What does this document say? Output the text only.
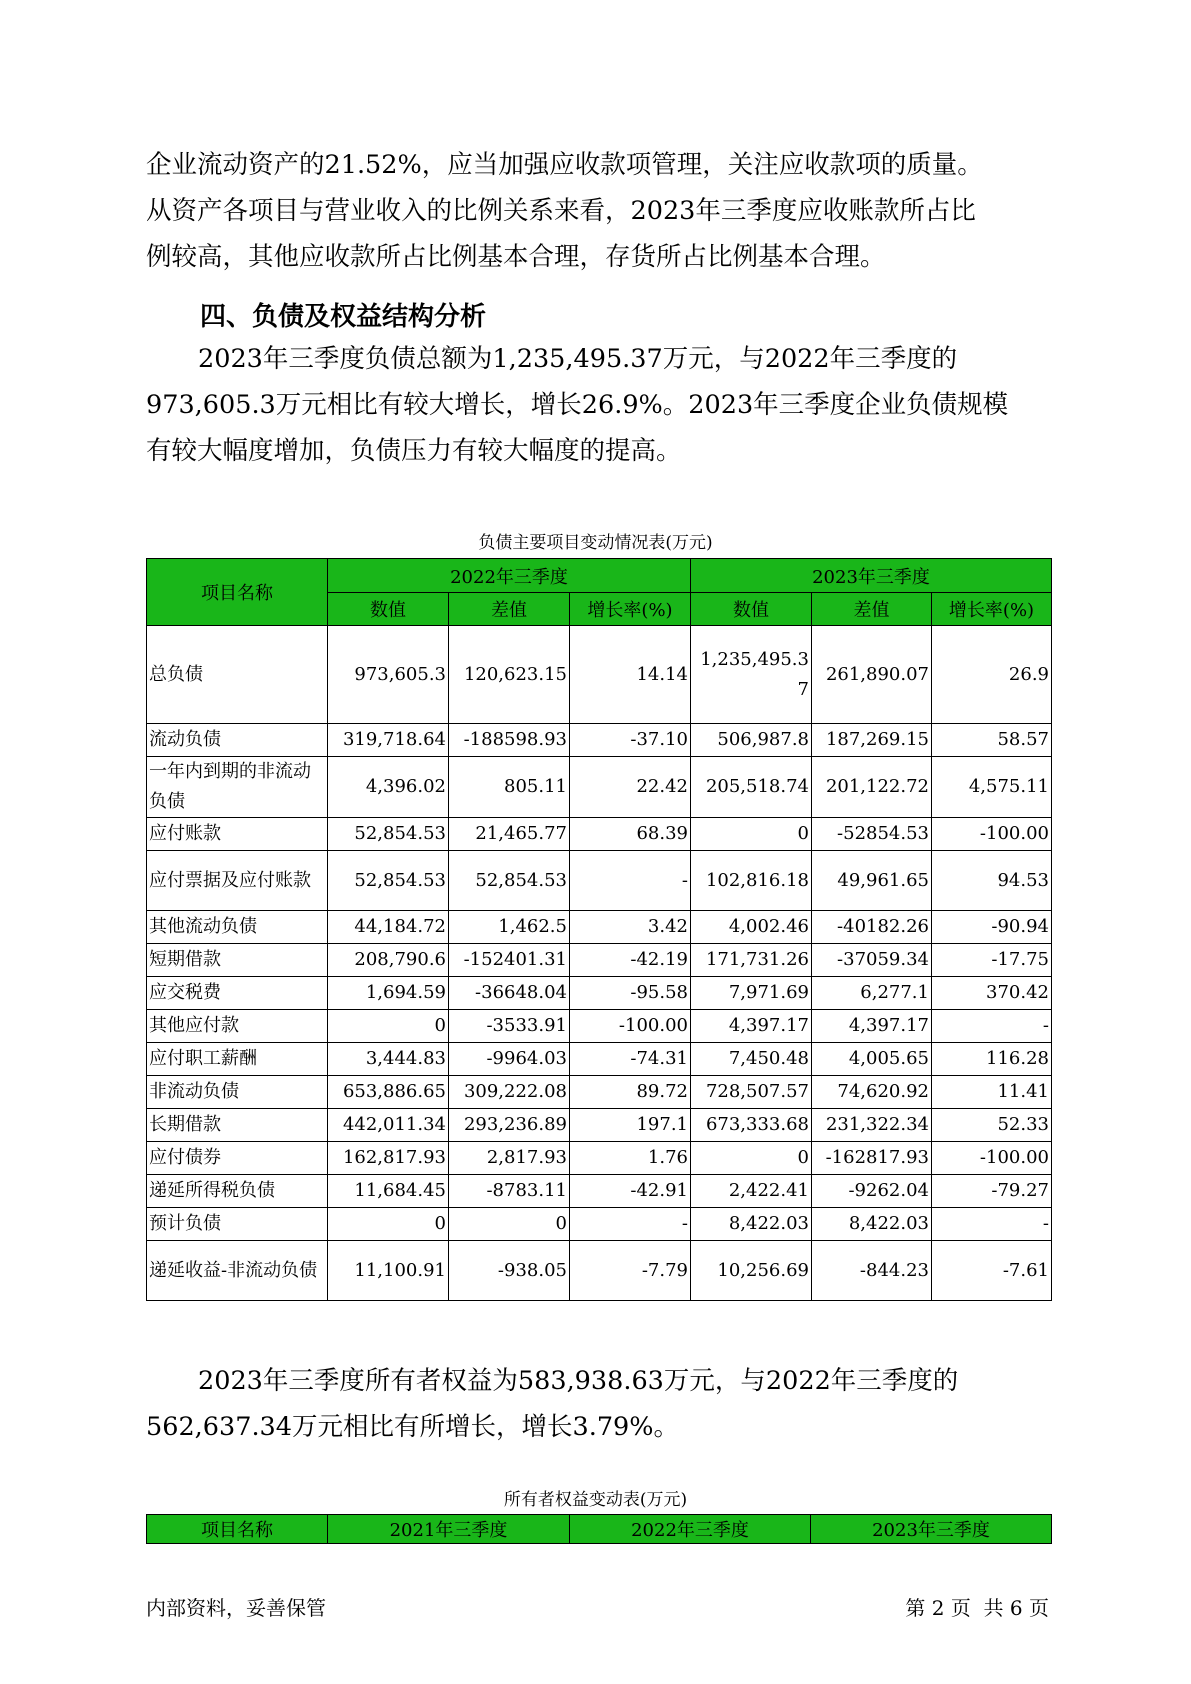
企业流动资产的21.52%，应当加强应收款项管理，关注应收款项的质量。
从资产各项目与营业收入的比例关系来看，2023年三季度应收账款所占比
例较高，其他应收款所占比例基本合理，存货所占比例基本合理。
四、负债及权益结构分析
2023年三季度负债总额为1,235,495.37万元，与2022年三季度的
973,605.3万元相比有较大增长，增长26.9%。2023年三季度企业负债规模
有较大幅度增加，负债压力有较大幅度的提高。
负债主要项目变动情况表(万元)
项目名称	2022年三季度			2023年三季度		
	数值	差值	增长率(%)	数值	差值	增长率(%)
总负债	973,605.3	120,623.15	14.14	1,235,495.37	261,890.07	26.9
流动负债	319,718.64	-188598.93	-37.10	506,987.8	187,269.15	58.57
一年内到期的非流动负债	4,396.02	805.11	22.42	205,518.74	201,122.72	4,575.11
应付账款	52,854.53	21,465.77	68.39	0	-52854.53	-100.00
应付票据及应付账款	52,854.53	52,854.53	-	102,816.18	49,961.65	94.53
其他流动负债	44,184.72	1,462.5	3.42	4,002.46	-40182.26	-90.94
短期借款	208,790.6	-152401.31	-42.19	171,731.26	-37059.34	-17.75
应交税费	1,694.59	-36648.04	-95.58	7,971.69	6,277.1	370.42
其他应付款	0	-3533.91	-100.00	4,397.17	4,397.17	-
应付职工薪酬	3,444.83	-9964.03	-74.31	7,450.48	4,005.65	116.28
非流动负债	653,886.65	309,222.08	89.72	728,507.57	74,620.92	11.41
长期借款	442,011.34	293,236.89	197.1	673,333.68	231,322.34	52.33
应付债券	162,817.93	2,817.93	1.76	0	-162817.93	-100.00
递延所得税负债	11,684.45	-8783.11	-42.91	2,422.41	-9262.04	-79.27
预计负债	0	0	-	8,422.03	8,422.03	-
递延收益-非流动负债	11,100.91	-938.05	-7.79	10,256.69	-844.23	-7.61
2023年三季度所有者权益为583,938.63万元，与2022年三季度的
562,637.34万元相比有所增长，增长3.79%。
所有者权益变动表(万元)
项目名称	2021年三季度	2022年三季度	2023年三季度
内部资料，妥善保管	第 2 页  共 6 页
